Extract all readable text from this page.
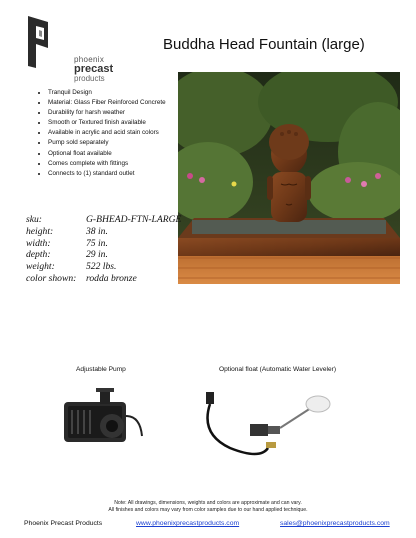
phoenix
precast
products
Buddha Head Fountain (large)
• Tranquil Design
• Material: Glass Fiber Reinforced Concrete
• Durability for harsh weather
• Smooth or Textured finish available
• Available in acrylic and acid stain colors
• Pump sold separately
• Optional float available
• Comes complete with fittings
• Connects to (1) standard outlet
sku:	G-BHEAD-FTN-LARGE
height:	38 in.
width:	75 in.
depth:	29 in.
weight:	522 lbs.
color shown:	rodda bronze
Adjustable Pump	Optional float (Automatic Water Leveler)
Note: All drawings, dimensions, weights and colors are approximate and can vary.
All finishes and colors may vary from color samples due to our hand applied technique.
Phoenix Precast Products	www.phoenixprecastproducts.com	sales@phoenixprecastproducts.com
